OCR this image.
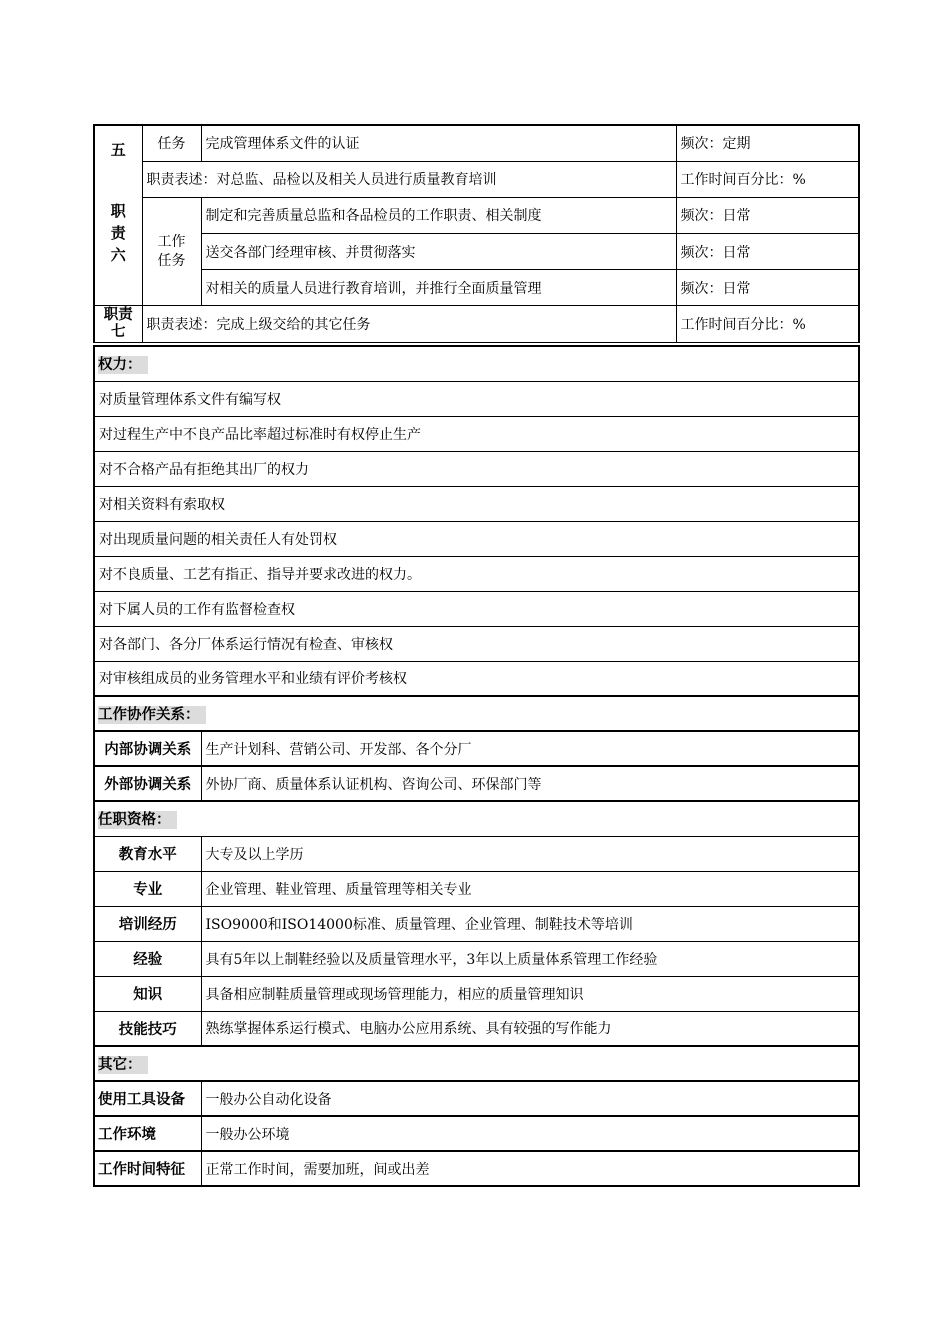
五	任务	完成管理体系文件的认证	频次：定期

职
责
六	职责表述：对总监、品检以及相关人员进行质量教育培训		工作时间百分比：%

	工作任务	制定和完善质量总监和各品检员的工作职责、相关制度	频次：日常
		送交各部门经理审核、并贯彻落实	频次：日常
		对相关的质量人员进行教育培训，并推行全面质量管理	频次：日常

职责七	职责表述：完成上级交给的其它任务		工作时间百分比：%
权力：	
对质量管理体系文件有编写权	
对过程生产中不良产品比率超过标准时有权停止生产	
对不合格产品有拒绝其出厂的权力	
对相关资料有索取权	
对出现质量问题的相关责任人有处罚权	
对不良质量、工艺有指正、指导并要求改进的权力。	
对下属人员的工作有监督检查权	
对各部门、各分厂体系运行情况有检查、审核权	
对审核组成员的业务管理水平和业绩有评价考核权	
工作协作关系：	
内部协调关系	生产计划科、营销公司、开发部、各个分厂
外部协调关系	外协厂商、质量体系认证机构、咨询公司、环保部门等
任职资格：	
教育水平	大专及以上学历
专业	企业管理、鞋业管理、质量管理等相关专业
培训经历	ISO9000和ISO14000标准、质量管理、企业管理、制鞋技术等培训
经验	具有5年以上制鞋经验以及质量管理水平，3年以上质量体系管理工作经验
知识	具备相应制鞋质量管理或现场管理能力，相应的质量管理知识
技能技巧	熟练掌握体系运行模式、电脑办公应用系统、具有较强的写作能力
其它：	
使用工具设备	一般办公自动化设备
工作环境	一般办公环境
工作时间特征	正常工作时间，需要加班，间或出差
